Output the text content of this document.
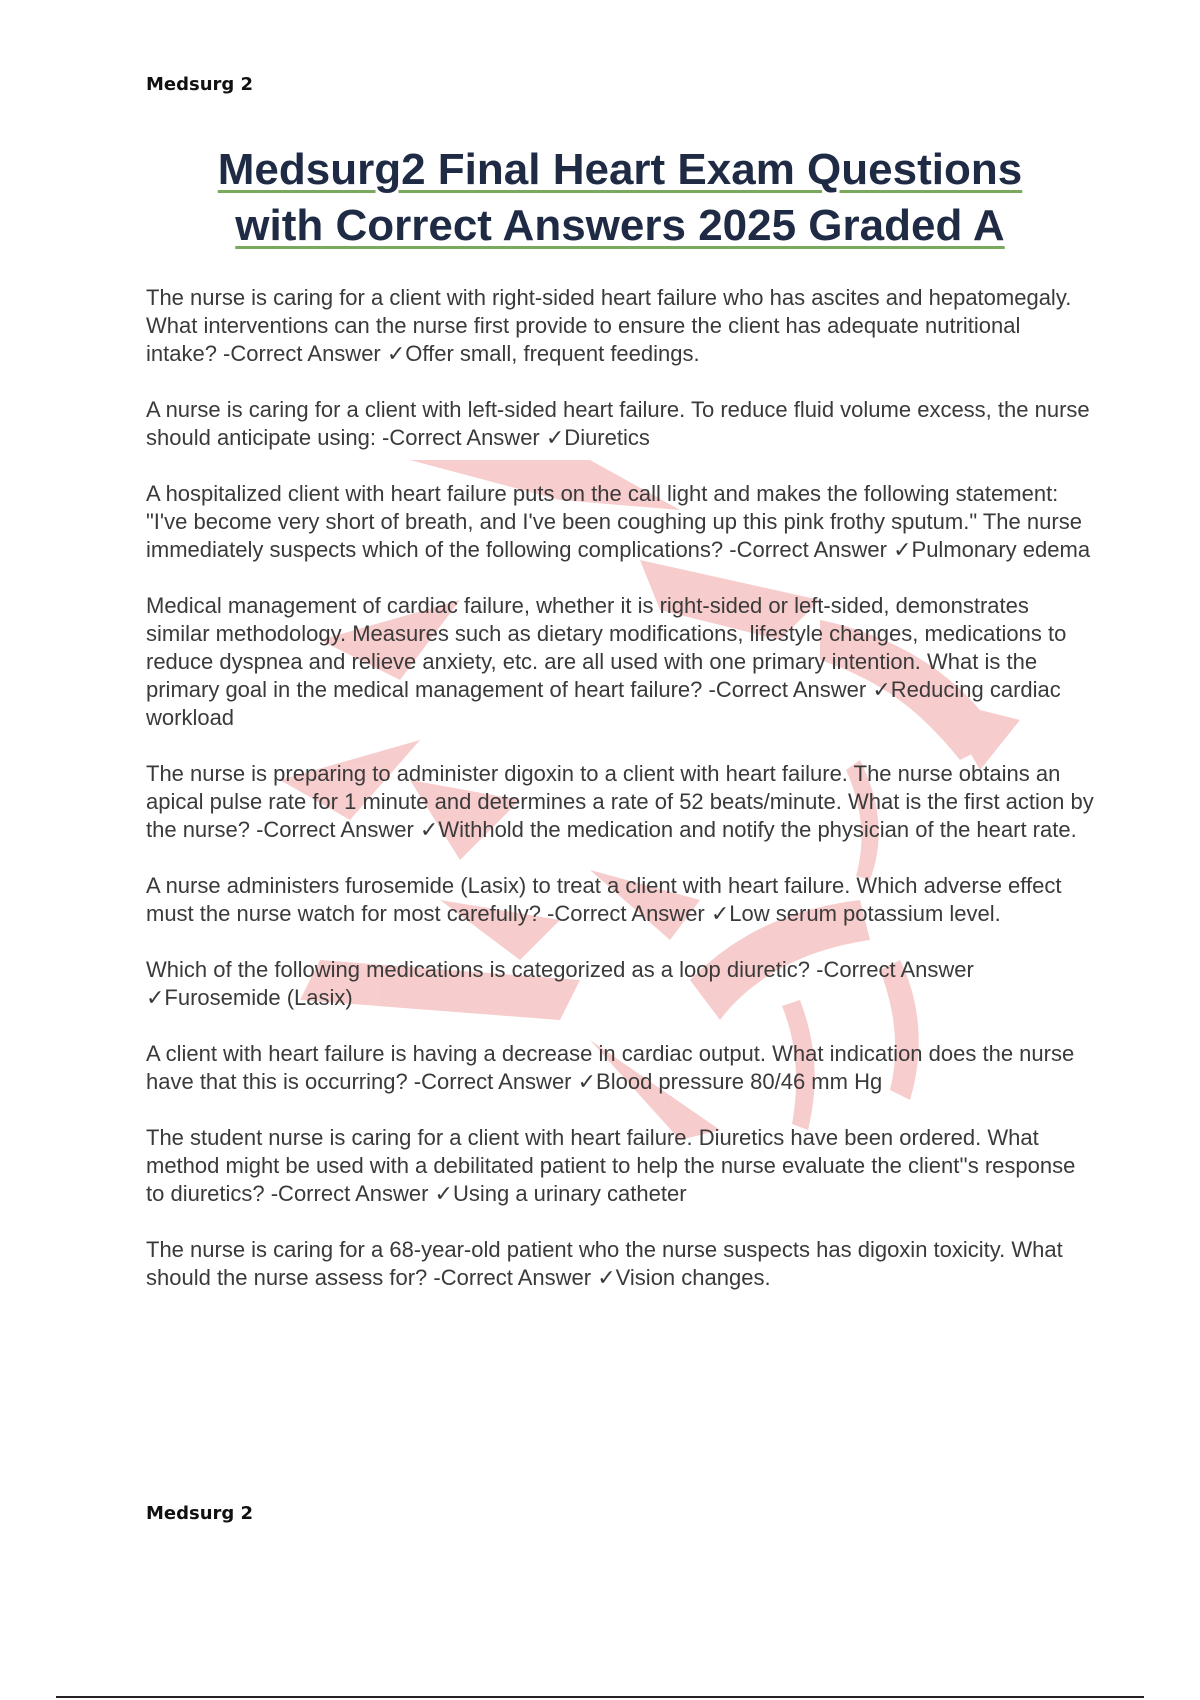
Medsurg 2
Medsurg2 Final Heart Exam Questions
with Correct Answers 2025 Graded A

The nurse is caring for a client with right-sided heart failure who has ascites and hepatomegaly. What interventions can the nurse first provide to ensure the client has adequate nutritional intake? -Correct Answer ✓Offer small, frequent feedings.

A nurse is caring for a client with left-sided heart failure. To reduce fluid volume excess, the nurse should anticipate using: -Correct Answer ✓Diuretics

A hospitalized client with heart failure puts on the call light and makes the following statement: "I've become very short of breath, and I've been coughing up this pink frothy sputum." The nurse immediately suspects which of the following complications? -Correct Answer ✓Pulmonary edema

Medical management of cardiac failure, whether it is right-sided or left-sided, demonstrates similar methodology. Measures such as dietary modifications, lifestyle changes, medications to reduce dyspnea and relieve anxiety, etc. are all used with one primary intention. What is the primary goal in the medical management of heart failure? -Correct Answer ✓Reducing cardiac workload

The nurse is preparing to administer digoxin to a client with heart failure. The nurse obtains an apical pulse rate for 1 minute and determines a rate of 52 beats/minute. What is the first action by the nurse? -Correct Answer ✓Withhold the medication and notify the physician of the heart rate.

A nurse administers furosemide (Lasix) to treat a client with heart failure. Which adverse effect must the nurse watch for most carefully? -Correct Answer ✓Low serum potassium level.

Which of the following medications is categorized as a loop diuretic? -Correct Answer ✓Furosemide (Lasix)

A client with heart failure is having a decrease in cardiac output. What indication does the nurse have that this is occurring? -Correct Answer ✓Blood pressure 80/46 mm Hg

The student nurse is caring for a client with heart failure. Diuretics have been ordered. What method might be used with a debilitated patient to help the nurse evaluate the client''s response to diuretics? -Correct Answer ✓Using a urinary catheter

The nurse is caring for a 68-year-old patient who the nurse suspects has digoxin toxicity. What should the nurse assess for? -Correct Answer ✓Vision changes.

Medsurg 2
